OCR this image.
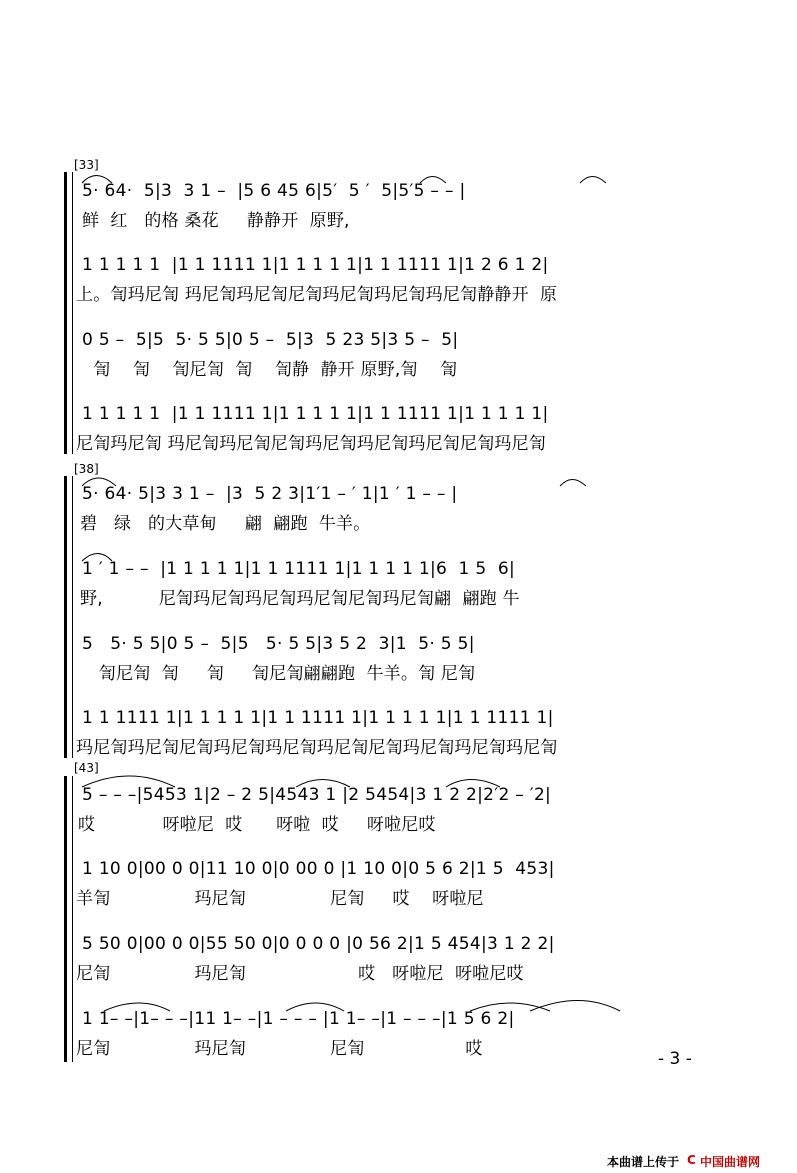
[33]
5· 64·  5|3  3 1 –  |5 6 45 6|5′  5 ′  5|5′5 – – |
鲜  红   的格 桑花     静静开  原野,
1 1 1 1 1  |1 1 1111 1|1 1 1 1 1|1 1 1111 1|1 2 6 1 2|
上。訇玛尼訇 玛尼訇玛尼訇尼訇玛尼訇玛尼訇玛尼訇静静开  原
0 5 –  5|5  5· 5 5|0 5 –  5|3  5 23 5|3 5 –  5|
訇    訇    訇尼訇  訇    訇静  静开 原野,訇    訇
1 1 1 1 1  |1 1 1111 1|1 1 1 1 1|1 1 1111 1|1 1 1 1 1|
尼訇玛尼訇 玛尼訇玛尼訇尼訇玛尼訇玛尼訇玛尼訇尼訇玛尼訇
[38]
5· 64· 5|3 3 1 –  |3  5 2 3|1′1 – ′ 1|1 ′ 1 – – |
碧   绿   的大草甸     翩  翩跑  牛羊。
1 ′ 1 – –  |1 1 1 1 1|1 1 1111 1|1 1 1 1 1|6  1 5  6|
野,          尼訇玛尼訇玛尼訇玛尼訇尼訇玛尼訇翩  翩跑 牛
5   5· 5 5|0 5 –  5|5   5· 5 5|3 5 2  3|1  5· 5 5|
訇尼訇  訇     訇     訇尼訇翩翩跑  牛羊。訇 尼訇
1 1 1111 1|1 1 1 1 1|1 1 1111 1|1 1 1 1 1|1 1 1111 1|
玛尼訇玛尼訇尼訇玛尼訇玛尼訇玛尼訇尼訇玛尼訇玛尼訇玛尼訇
[43]
5 – – –|5453 1|2 – 2 5|4543 1 |2 5454|3 1 2 2|2′2 – ′2|
哎            呀啦尼  哎      呀啦  哎     呀啦尼哎
1 10 0|00 0 0|11 10 0|0 00 0 |1 10 0|0 5 6 2|1 5  453|
羊訇               玛尼訇               尼訇     哎    呀啦尼
5 50 0|00 0 0|55 50 0|0 0 0 0 |0 56 2|1 5 454|3 1 2 2|
尼訇               玛尼訇                    哎   呀啦尼  呀啦尼哎
1 1– –|1– – –|11 1– –|1 – – – |1 1– –|1 – – –|1 5 6 2|
尼訇               玛尼訇               尼訇                  哎	- 3 -
本曲谱上传于 C 中国曲谱网
